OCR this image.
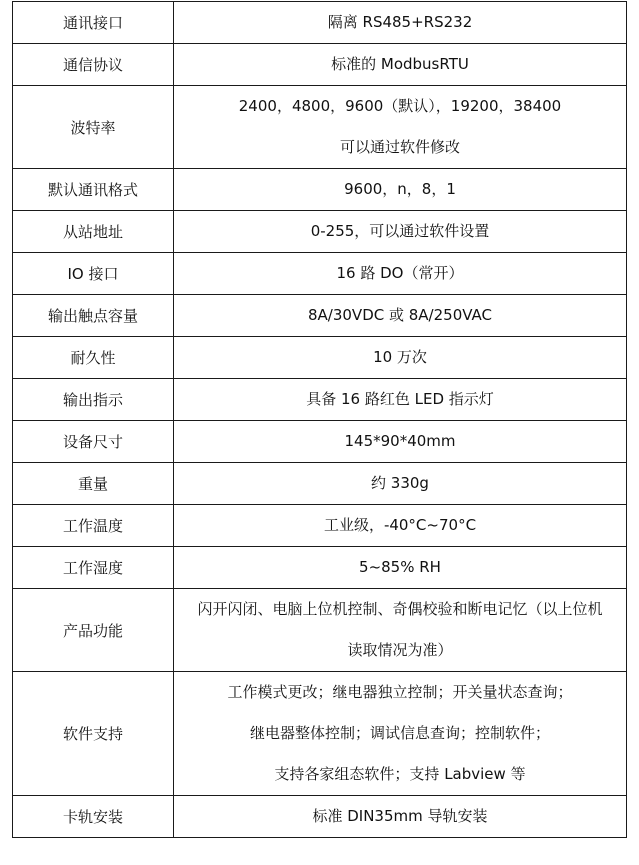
通讯接口	隔离 RS485+RS232

通信协议	标准的 ModbusRTU

波特率	2400，4800，9600（默认），19200，38400
可以通过软件修改

默认通讯格式	9600，n，8，1

从站地址	0-255，可以通过软件设置

IO 接口	16 路 DO（常开）

输出触点容量	8A/30VDC 或 8A/250VAC

耐久性	10 万次

输出指示	具备 16 路红色 LED 指示灯

设备尺寸	145*90*40mm

重量	约 330g

工作温度	工业级，-40°C~70°C

工作湿度	5~85% RH

产品功能	闪开闪闭、电脑上位机控制、奇偶校验和断电记忆（以上位机
读取情况为准）

软件支持	工作模式更改；继电器独立控制；开关量状态查询；
继电器整体控制；调试信息查询；控制软件；
支持各家组态软件；支持 Labview 等

卡轨安装	标准 DIN35mm 导轨安装
